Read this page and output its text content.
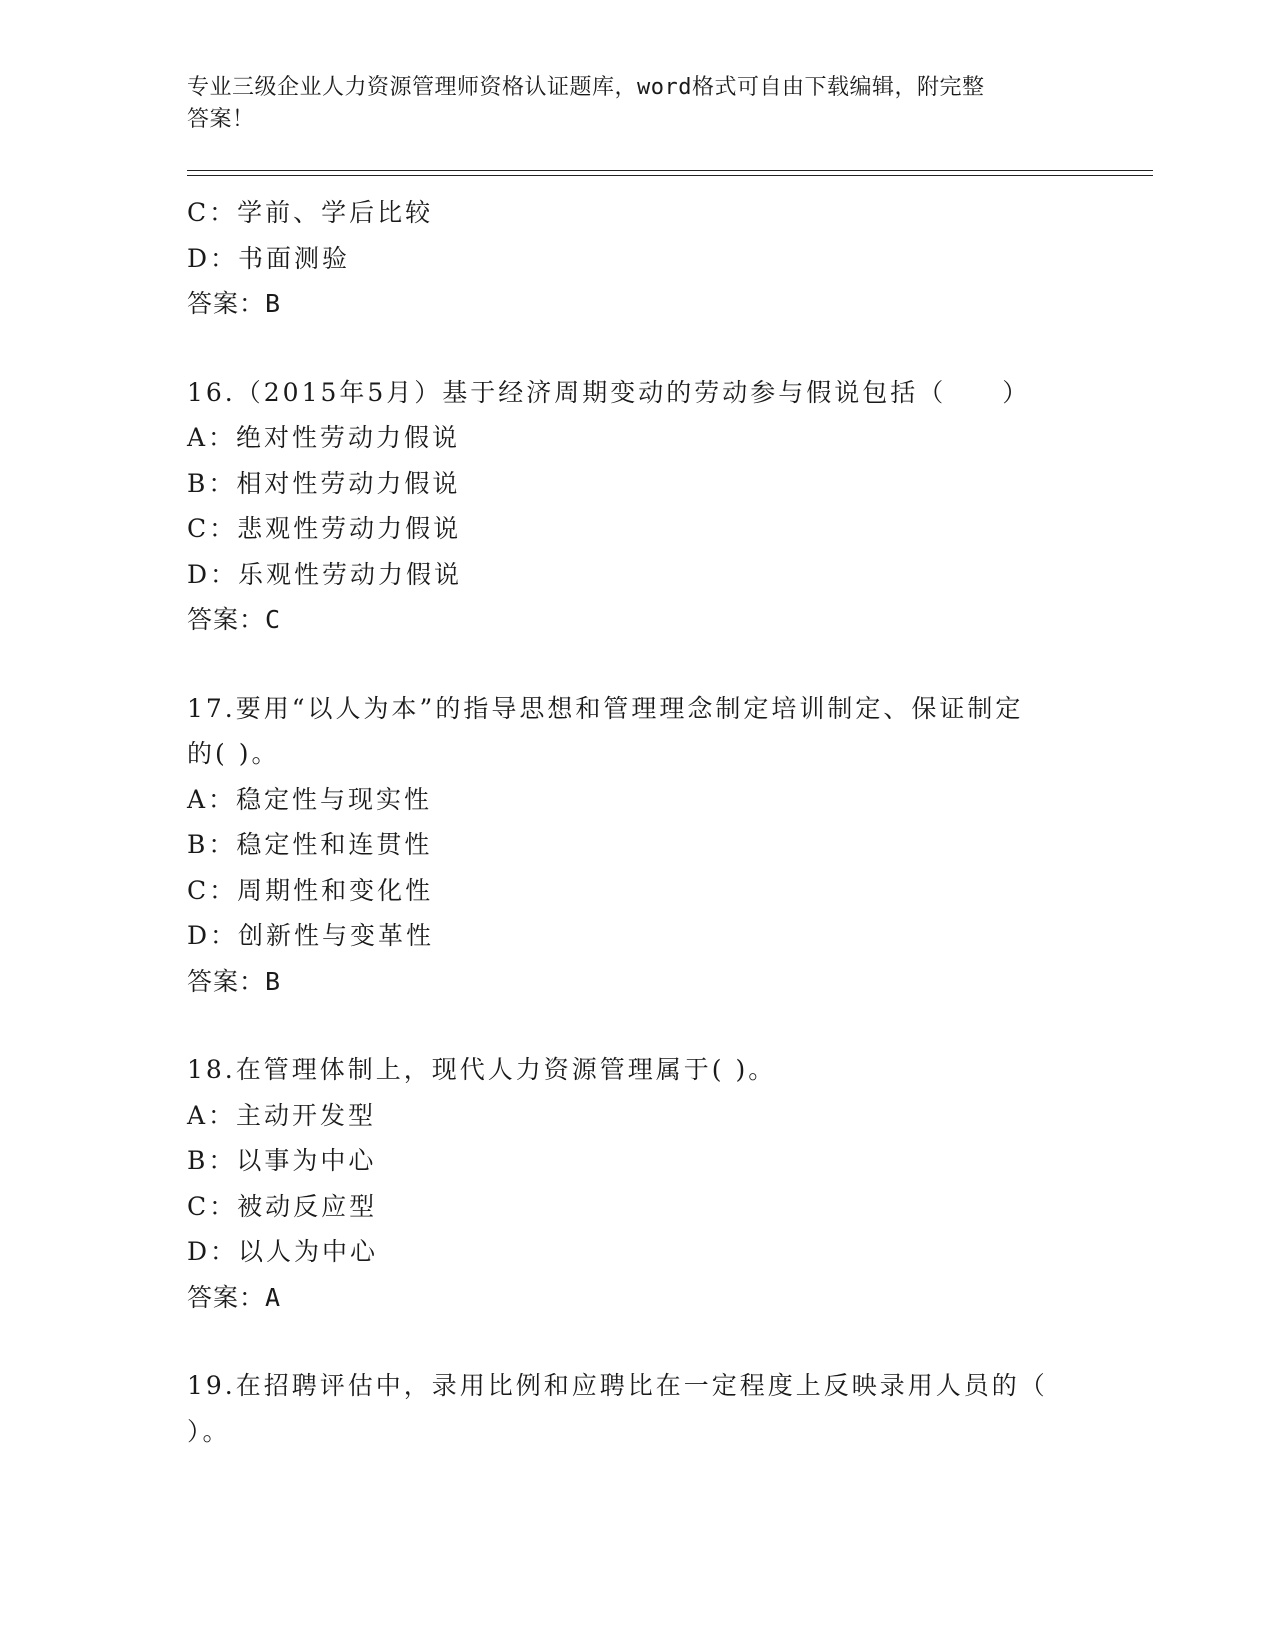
专业三级企业人力资源管理师资格认证题库，word格式可自由下载编辑，附完整
答案！
C：学前、学后比较
D：书面测验
答案：B
16.（2015年5月）基于经济周期变动的劳动参与假说包括（　　）
A：绝对性劳动力假说
B：相对性劳动力假说
C：悲观性劳动力假说
D：乐观性劳动力假说
答案：C
17.要用“以人为本”的指导思想和管理理念制定培训制定、保证制定
的( )。
A：稳定性与现实性
B：稳定性和连贯性
C：周期性和变化性
D：创新性与变革性
答案：B
18.在管理体制上，现代人力资源管理属于( )。
A：主动开发型
B：以事为中心
C：被动反应型
D：以人为中心
答案：A
19.在招聘评估中，录用比例和应聘比在一定程度上反映录用人员的（
）。
